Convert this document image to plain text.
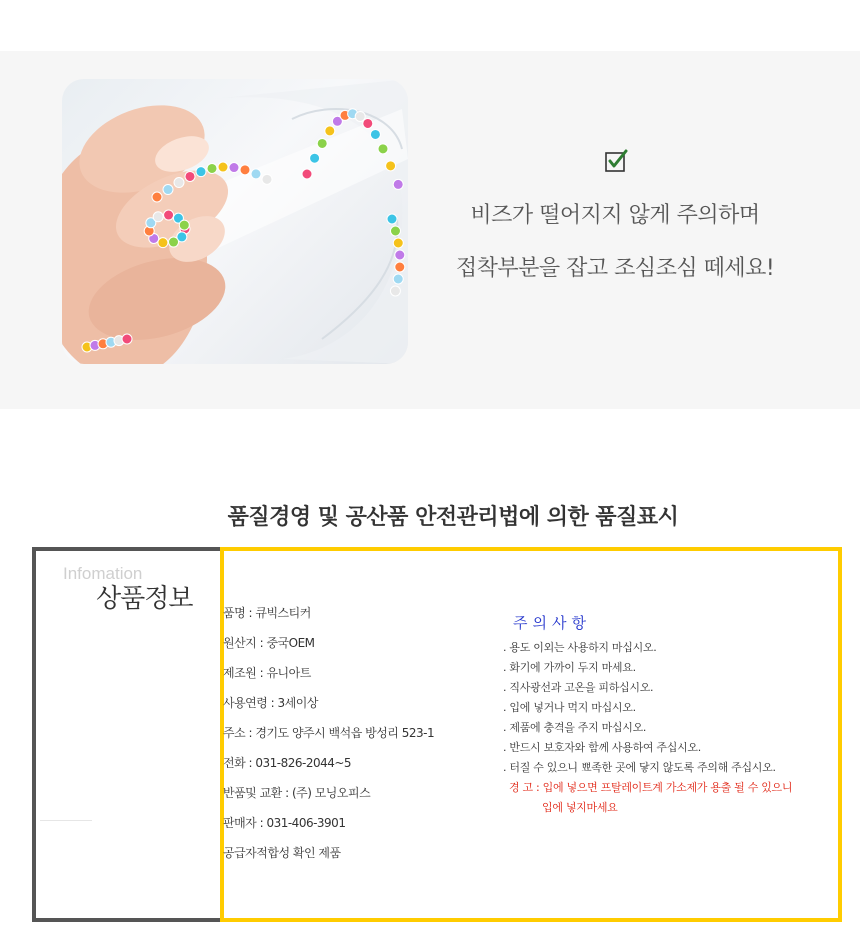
비즈가 떨어지지 않게 주의하며
접착부분을 잡고 조심조심 떼세요!
품질경영 및 공산품 안전관리법에 의한 품질표시
Infomation
상품정보	품명 : 큐빅스티커
원산지 : 중국OEM
제조원 : 유니아트
사용연령 : 3세이상
주소 : 경기도 양주시 백석읍 방성리 523-1
전화 : 031-826-2044~5
반품및 교환 : (주) 모닝오피스
판매자 : 031-406-3901
공급자적합성 확인 제품
주의사항
. 용도 이외는 사용하지 마십시오.
. 화기에 가까이 두지 마세요.
. 직사광선과 고온을 피하십시오.
. 입에 넣거나 먹지 마십시오.
. 제품에 충격을 주지 마십시오.
. 반드시 보호자와 함께 사용하여 주십시오.
. 터질 수 있으니 뾰족한 곳에 닿지 않도록 주의해 주십시오.
경 고 : 입에 넣으면 프탈레이트계 가소제가 용출 될 수 있으니
입에 넣지마세요
